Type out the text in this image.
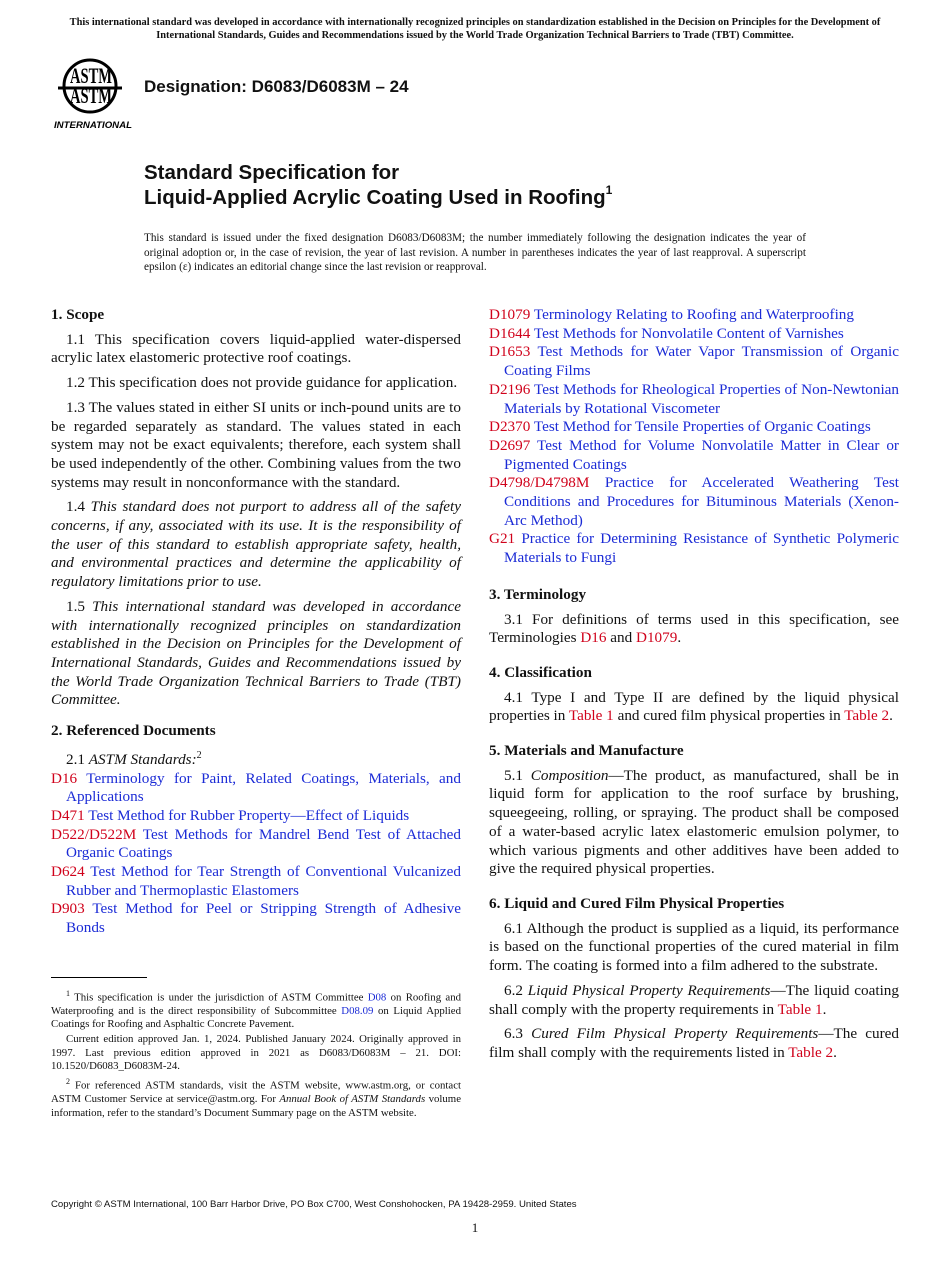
This international standard was developed in accordance with internationally recognized principles on standardization established in the Decision on Principles for the Development of International Standards, Guides and Recommendations issued by the World Trade Organization Technical Barriers to Trade (TBT) Committee.
ASTM
ASTM
INTERNATIONAL
Designation: D6083/D6083M – 24
Standard Specification for
Liquid-Applied Acrylic Coating Used in Roofing$^1$
This standard is issued under the fixed designation D6083/D6083M; the number immediately following the designation indicates the year of original adoption or, in the case of revision, the year of last revision. A number in parentheses indicates the year of last reapproval. A superscript epsilon (ε) indicates an editorial change since the last revision or reapproval.
1. Scope

1.1 This specification covers liquid-applied water-dispersed acrylic latex elastomeric protective roof coatings.

1.2 This specification does not provide guidance for application.

1.3 The values stated in either SI units or inch-pound units are to be regarded separately as standard. The values stated in each system may not be exact equivalents; therefore, each system shall be used independently of the other. Combining values from the two systems may result in nonconformance with the standard.

1.4 This standard does not purport to address all of the safety concerns, if any, associated with its use. It is the responsibility of the user of this standard to establish appropriate safety, health, and environmental practices and determine the applicability of regulatory limitations prior to use.

1.5 This international standard was developed in accordance with internationally recognized principles on standardization established in the Decision on Principles for the Development of International Standards, Guides and Recommendations issued by the World Trade Organization Technical Barriers to Trade (TBT) Committee.

2. Referenced Documents

2.1 ASTM Standards:$^2$

D16 Terminology for Paint, Related Coatings, Materials, and Applications
D471 Test Method for Rubber Property—Effect of Liquids
D522/D522M Test Methods for Mandrel Bend Test of Attached Organic Coatings
D624 Test Method for Tear Strength of Conventional Vulcanized Rubber and Thermoplastic Elastomers
D903 Test Method for Peel or Stripping Strength of Adhesive Bonds

$^1$ This specification is under the jurisdiction of ASTM Committee D08 on Roofing and Waterproofing and is the direct responsibility of Subcommittee D08.09 on Liquid Applied Coatings for Roofing and Asphaltic Concrete Pavement.

Current edition approved Jan. 1, 2024. Published January 2024. Originally approved in 1997. Last previous edition approved in 2021 as D6083/D6083M – 21. DOI: 10.1520/D6083_D6083M-24.

$^2$ For referenced ASTM standards, visit the ASTM website, www.astm.org, or contact ASTM Customer Service at service@astm.org. For Annual Book of ASTM Standards volume information, refer to the standard’s Document Summary page on the ASTM website.

D1079 Terminology Relating to Roofing and Waterproofing
D1644 Test Methods for Nonvolatile Content of Varnishes
D1653 Test Methods for Water Vapor Transmission of Organic Coating Films
D2196 Test Methods for Rheological Properties of Non-Newtonian Materials by Rotational Viscometer
D2370 Test Method for Tensile Properties of Organic Coatings
D2697 Test Method for Volume Nonvolatile Matter in Clear or Pigmented Coatings
D4798/D4798M Practice for Accelerated Weathering Test Conditions and Procedures for Bituminous Materials (Xenon-Arc Method)
G21 Practice for Determining Resistance of Synthetic Polymeric Materials to Fungi
3. Terminology

3.1 For definitions of terms used in this specification, see Terminologies D16 and D1079.

4. Classification

4.1 Type I and Type II are defined by the liquid physical properties in Table 1 and cured film physical properties in Table 2.

5. Materials and Manufacture

5.1 Composition—The product, as manufactured, shall be in liquid form for application to the roof surface by brushing, squeegeeing, rolling, or spraying. The product shall be composed of a water-based acrylic latex elastomeric emulsion polymer, to which various pigments and other additives have been added to give the required physical properties.

6. Liquid and Cured Film Physical Properties

6.1 Although the product is supplied as a liquid, its performance is based on the functional properties of the cured material in film form. The coating is formed into a film adhered to the substrate.

6.2 Liquid Physical Property Requirements—The liquid coating shall comply with the property requirements in Table 1.

6.3 Cured Film Physical Property Requirements—The cured film shall comply with the requirements listed in Table 2.

Copyright © ASTM International, 100 Barr Harbor Drive, PO Box C700, West Conshohocken, PA 19428-2959. United States
1
